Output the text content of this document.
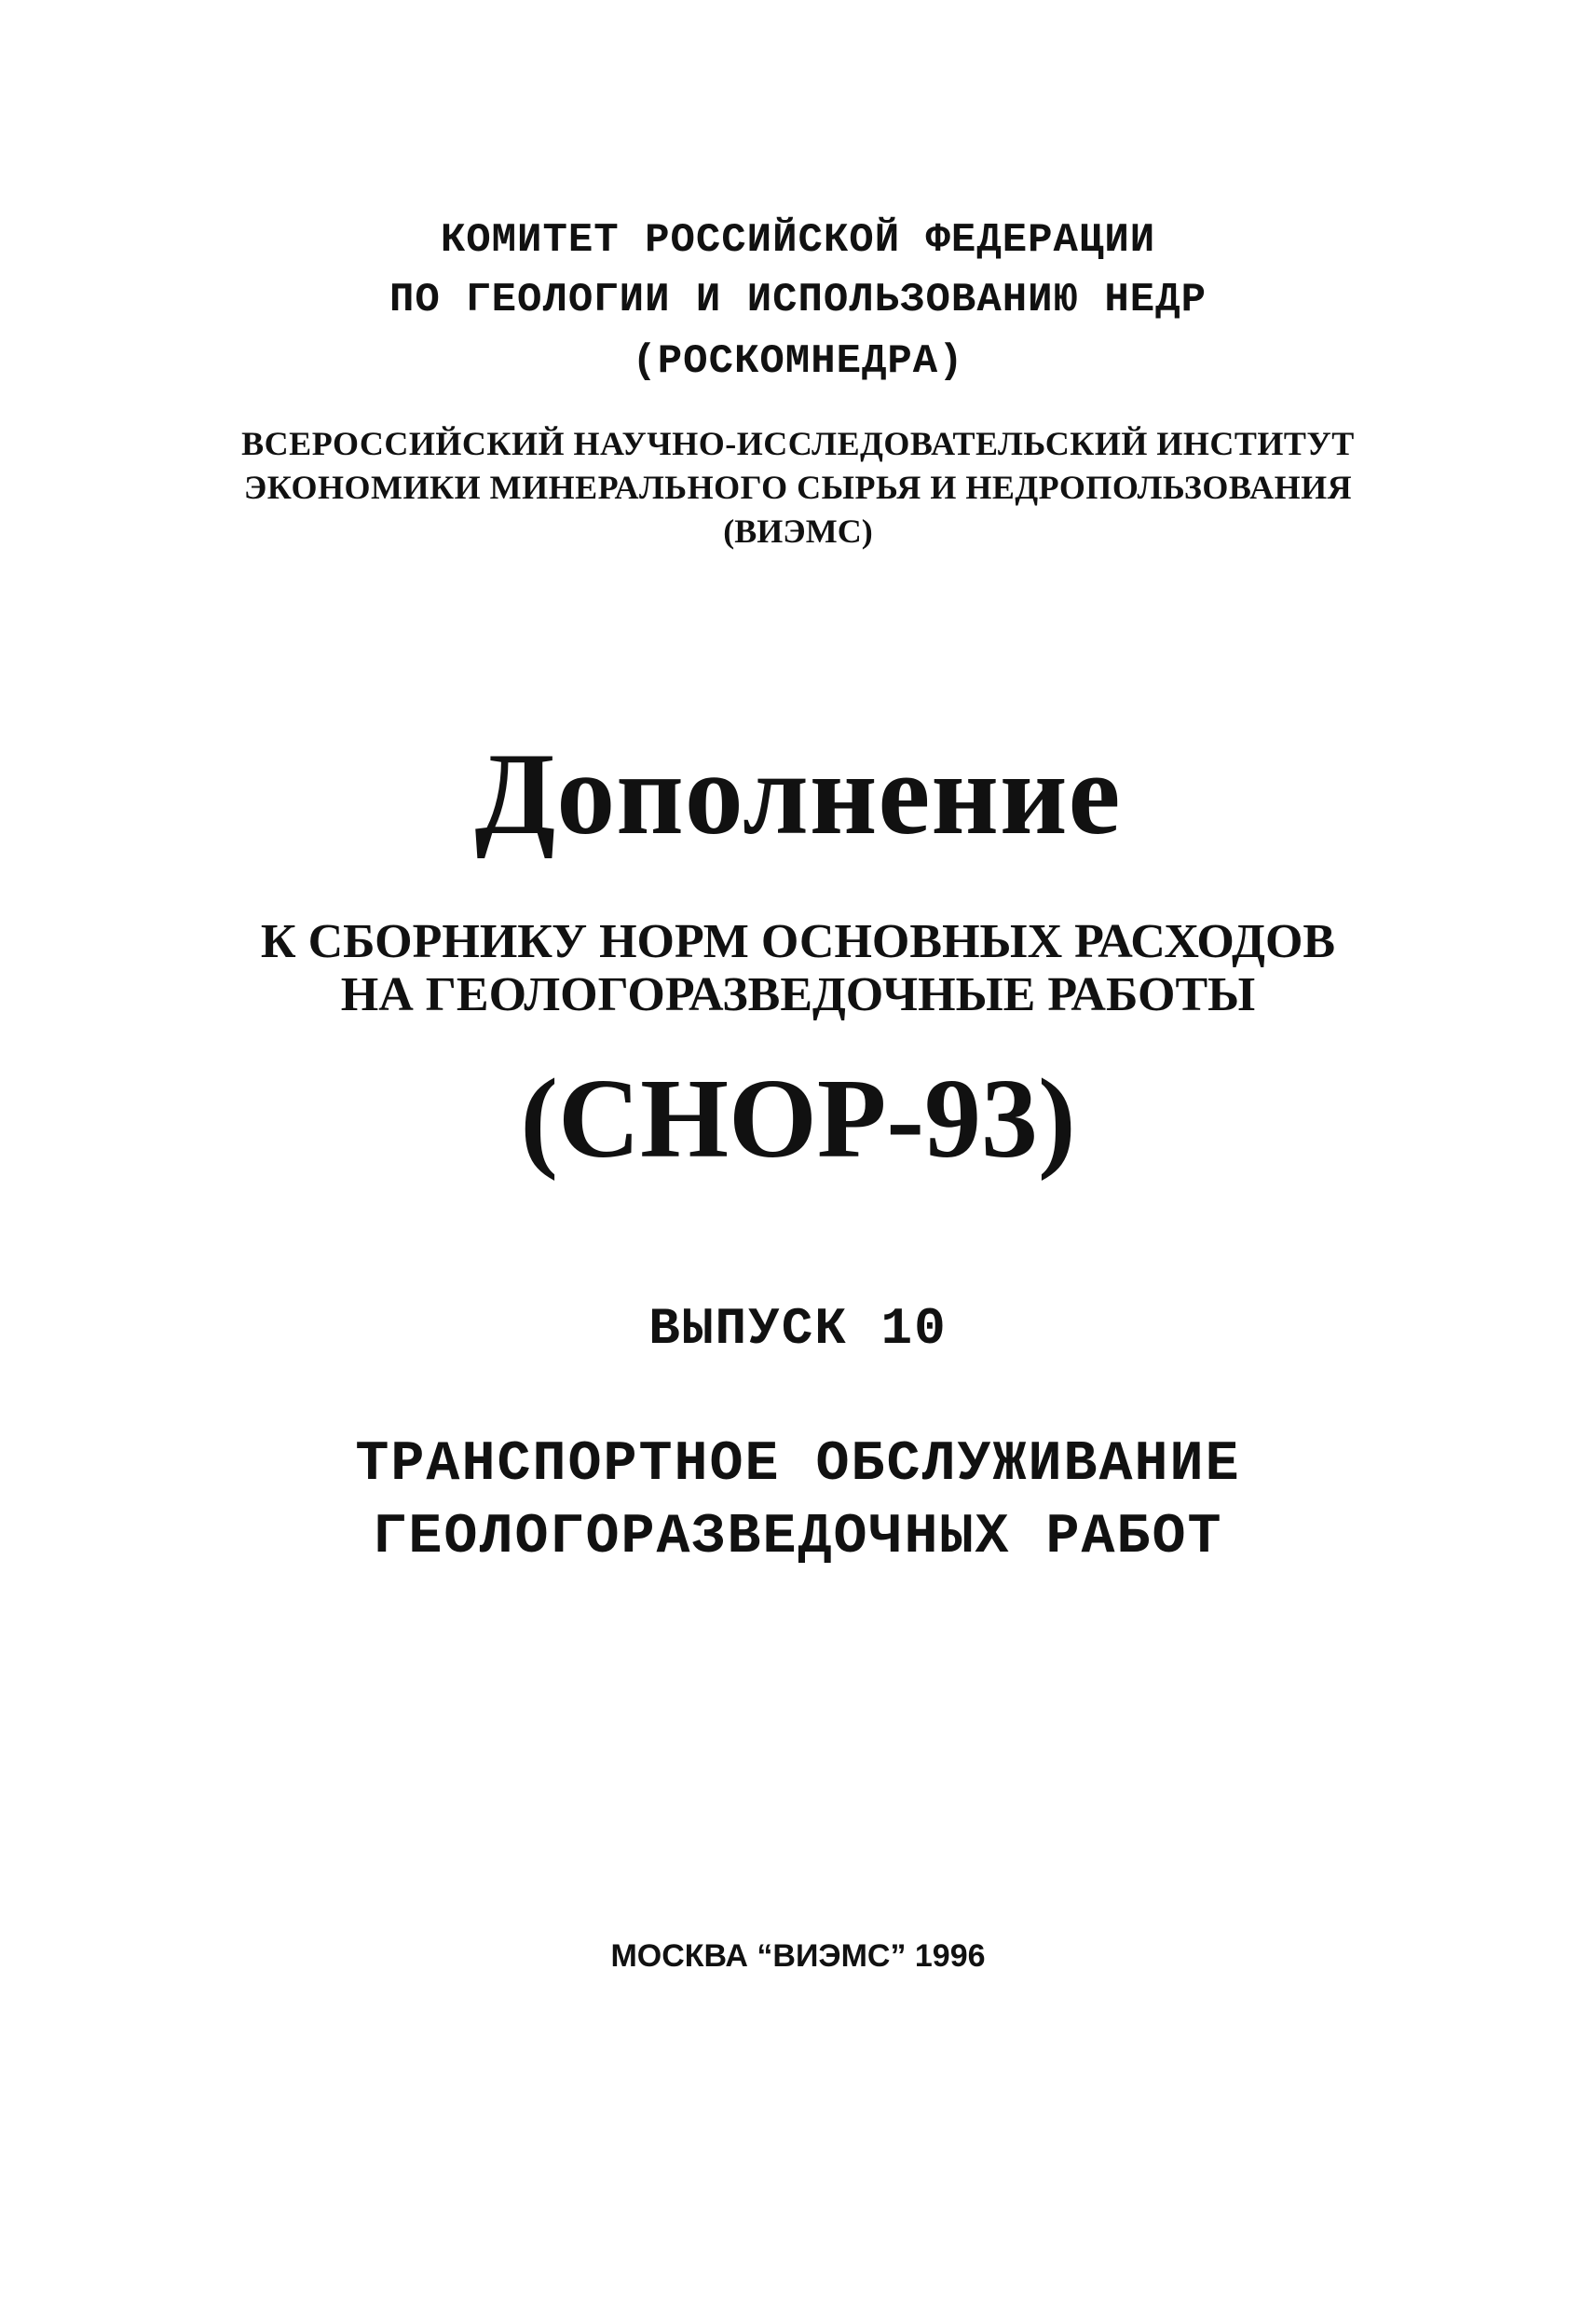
КОМИТЕТ РОССИЙСКОЙ ФЕДЕРАЦИИ
ПО ГЕОЛОГИИ И ИСПОЛЬЗОВАНИЮ НЕДР
(РОСКОМНЕДРА)
ВСЕРОССИЙСКИЙ НАУЧНО-ИССЛЕДОВАТЕЛЬСКИЙ ИНСТИТУТ
ЭКОНОМИКИ МИНЕРАЛЬНОГО СЫРЬЯ И НЕДРОПОЛЬЗОВАНИЯ
(ВИЭМС)
Дополнение
К СБОРНИКУ НОРМ ОСНОВНЫХ РАСХОДОВ
НА ГЕОЛОГОРАЗВЕДОЧНЫЕ РАБОТЫ
(СНОР-93)
ВЫПУСК 10
ТРАНСПОРТНОЕ ОБСЛУЖИВАНИЕ
ГЕОЛОГОРАЗВЕДОЧНЫХ РАБОТ
МОСКВА “ВИЭМС” 1996
